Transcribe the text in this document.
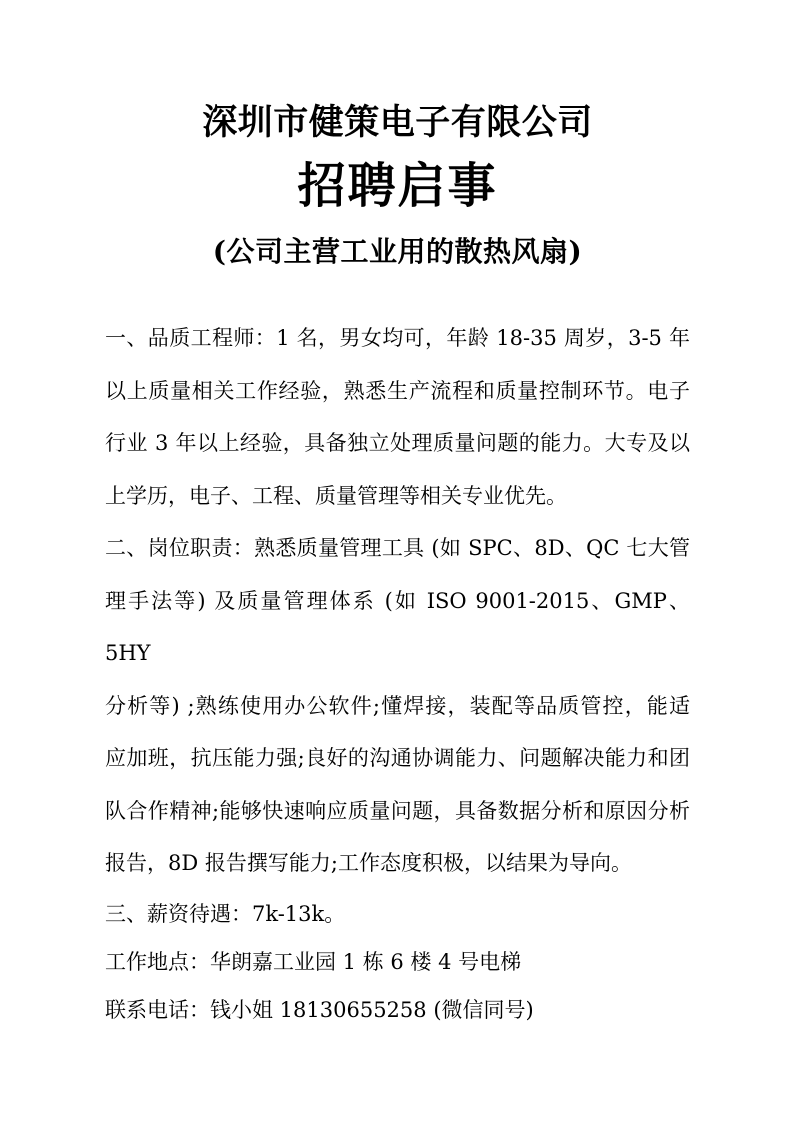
深圳市健策电子有限公司
招聘启事
(公司主营工业用的散热风扇)
一、品质工程师：1 名，男女均可，年龄 18-35 周岁，3-5 年
以上质量相关工作经验，熟悉生产流程和质量控制环节。电子
行业 3 年以上经验，具备独立处理质量问题的能力。大专及以
上学历，电子、工程、质量管理等相关专业优先。
二、岗位职责：熟悉质量管理工具 (如 SPC、8D、QC 七大管
理手法等) 及质量管理体系 (如 ISO 9001-2015、GMP、5HY
分析等) ;熟练使用办公软件;懂焊接，装配等品质管控，能适
应加班，抗压能力强;良好的沟通协调能力、问题解决能力和团
队合作精神;能够快速响应质量问题，具备数据分析和原因分析
报告，8D 报告撰写能力;工作态度积极，以结果为导向。
三、薪资待遇：7k-13k。
工作地点：华朗嘉工业园 1 栋 6 楼 4 号电梯
联系电话：钱小姐 18130655258 (微信同号)
